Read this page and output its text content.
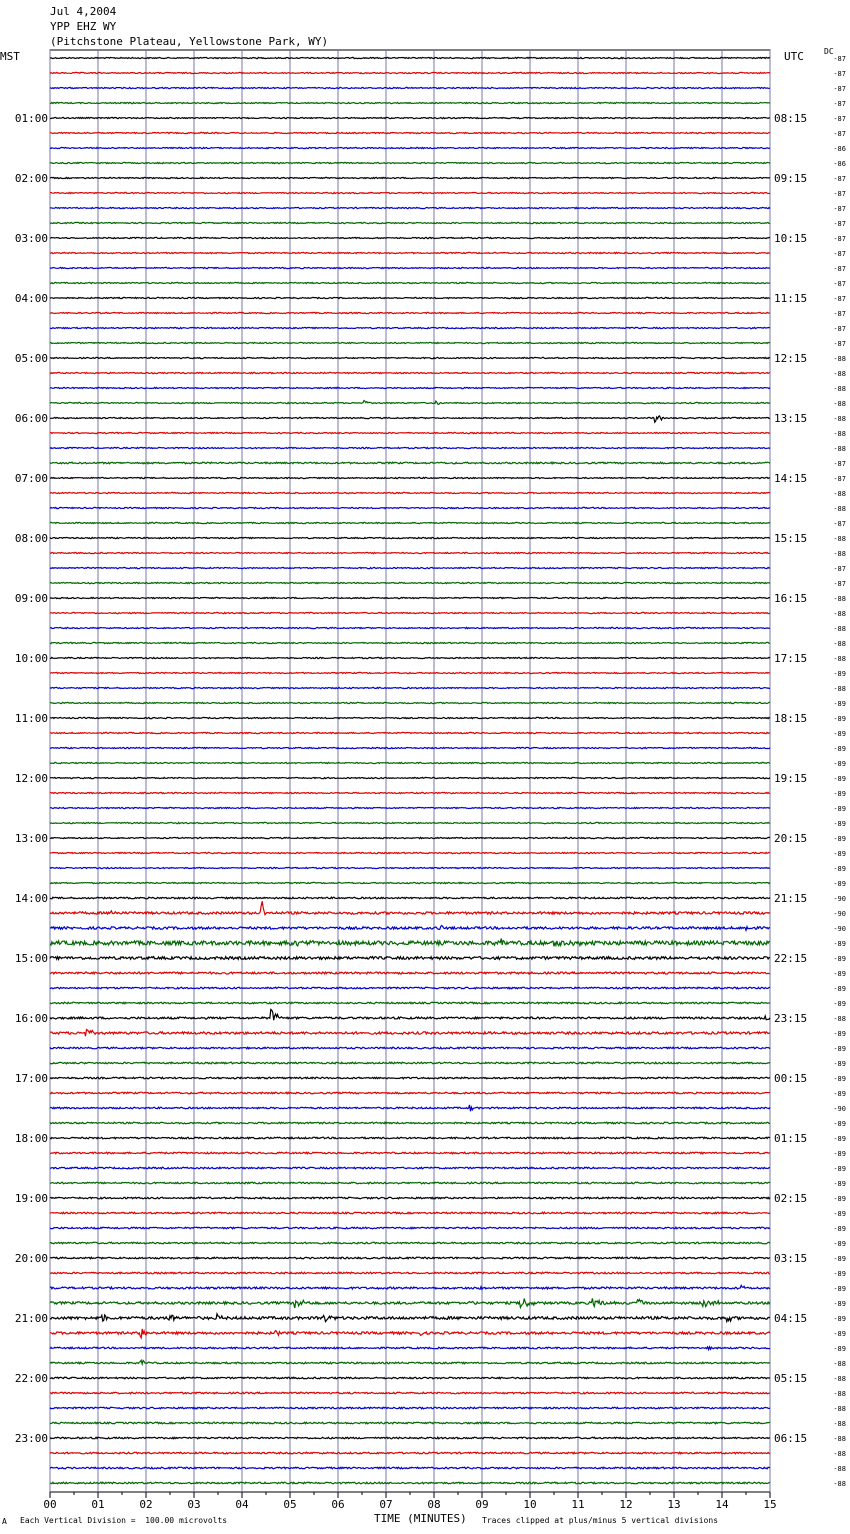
Jul 4,2004
YPP EHZ WY
(Pitchstone Plateau, Yellowstone Park, WY)
MST	UTC	DC
00	01	02	03	04	05	06	07	08	09	10	11	12	13	14	15
-87
-87
-87
-87
-87
01:00	08:15
-87
-86
-86
-87
02:00	09:15
-87
-87
-87
-87
03:00	10:15
-87
-87
-87
-87
04:00	11:15
-87
-87
-87
-88
05:00	12:15
-88
-88
-88
-88
06:00	13:15
-88
-88
-87
-87
07:00	14:15
-88
-88
-87
-88
08:00	15:15
-88
-87
-87
-88
09:00	16:15
-88
-88
-88
-88
10:00	17:15
-89
-88
-89
-89
11:00	18:15
-89
-89
-89
-89
12:00	19:15
-89
-89
-89
-89
13:00	20:15
-89
-89
-89
-90
14:00	21:15
-90
-90
-89
-89
15:00	22:15
-89
-89
-89
-88
16:00	23:15
-89
-89
-89
-89
17:00	00:15
-89
-90
-89
-89
18:00	01:15
-89
-89
-89
-89
19:00	02:15
-89
-89
-89
-89
20:00	03:15
-89
-89
-89
-89
21:00	04:15
-89
-89
-88
-88
22:00	05:15
-88
-88
-88
-88
23:00	06:15
-88
-88
-88
A Each Vertical Division =  100.00 microvolts	TIME (MINUTES) Traces clipped at plus/minus 5 vertical divisions
